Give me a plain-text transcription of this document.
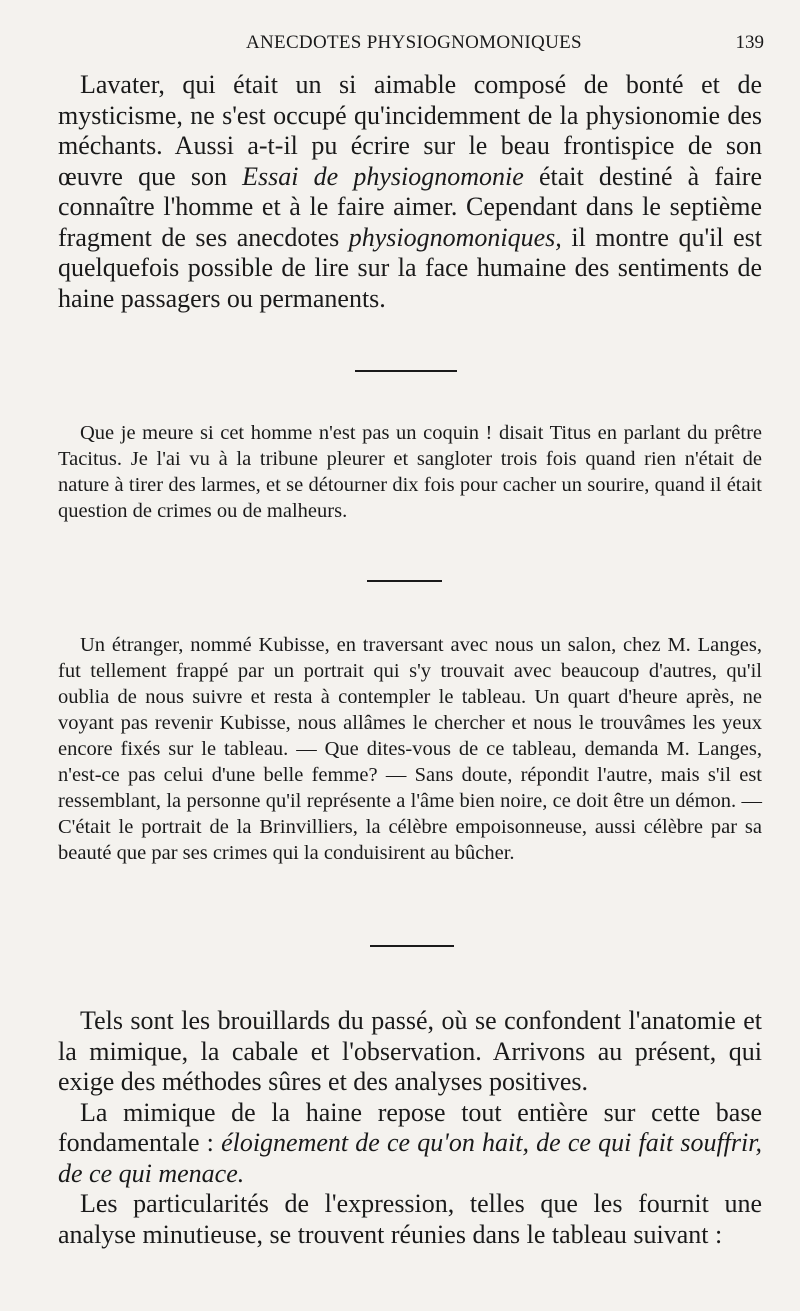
ANECDOTES PHYSIOGNOMONIQUES	139

Lavater, qui était un si aimable composé de bonté et de mysticisme, ne s'est occupé qu'incidemment de la physionomie des méchants. Aussi a-t-il pu écrire sur le beau frontispice de son œuvre que son Essai de physiognomonie était destiné à faire connaître l'homme et à le faire aimer. Cependant dans le septième fragment de ses anecdotes physiognomoniques, il montre qu'il est quelquefois possible de lire sur la face humaine des sentiments de haine passagers ou permanents.

Que je meure si cet homme n'est pas un coquin ! disait Titus en parlant du prêtre Tacitus. Je l'ai vu à la tribune pleurer et sangloter trois fois quand rien n'était de nature à tirer des larmes, et se détourner dix fois pour cacher un sourire, quand il était question de crimes ou de malheurs.

Un étranger, nommé Kubisse, en traversant avec nous un salon, chez M. Langes, fut tellement frappé par un portrait qui s'y trouvait avec beaucoup d'autres, qu'il oublia de nous suivre et resta à contempler le tableau. Un quart d'heure après, ne voyant pas revenir Kubisse, nous allâmes le chercher et nous le trouvâmes les yeux encore fixés sur le tableau. — Que dites-vous de ce tableau, demanda M. Langes, n'est-ce pas celui d'une belle femme? — Sans doute, répondit l'autre, mais s'il est ressemblant, la personne qu'il représente a l'âme bien noire, ce doit être un démon. — C'était le portrait de la Brinvilliers, la célèbre empoisonneuse, aussi célèbre par sa beauté que par ses crimes qui la conduisirent au bûcher.

Tels sont les brouillards du passé, où se confondent l'anatomie et la mimique, la cabale et l'observation. Arrivons au présent, qui exige des méthodes sûres et des analyses positives.

La mimique de la haine repose tout entière sur cette base fondamentale : éloignement de ce qu'on hait, de ce qui fait souffrir, de ce qui menace.

Les particularités de l'expression, telles que les fournit une analyse minutieuse, se trouvent réunies dans le tableau suivant :
